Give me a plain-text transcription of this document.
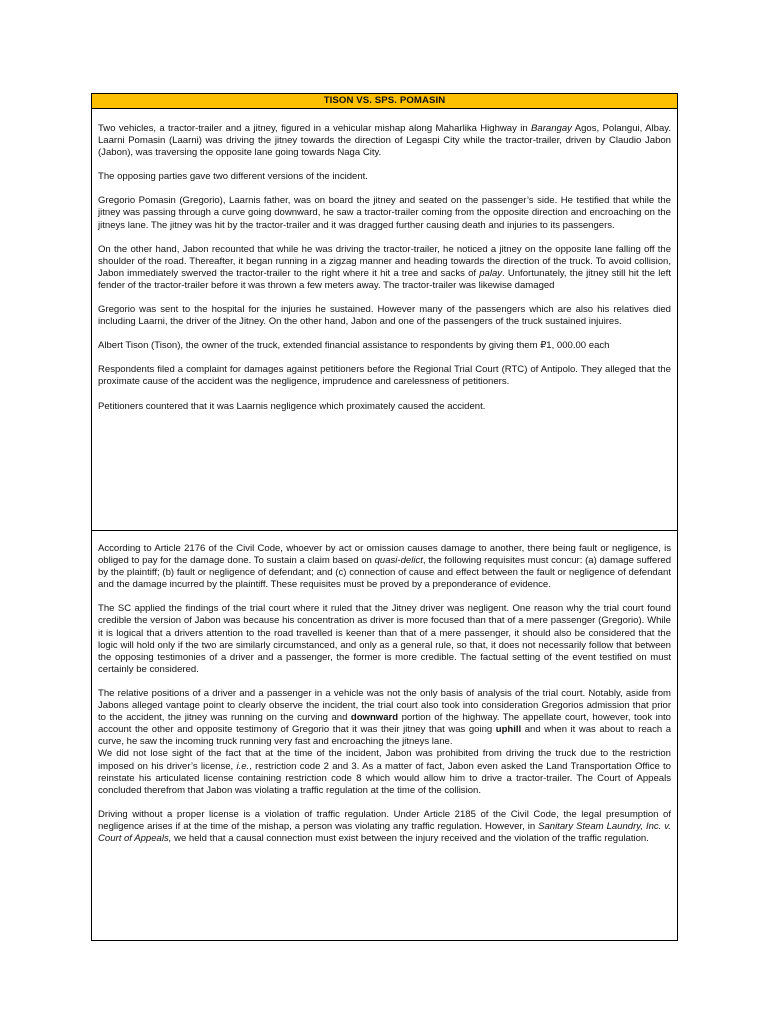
TISON VS. SPS. POMASIN

Two vehicles, a tractor-trailer and a jitney, figured in a vehicular mishap along Maharlika Highway in Barangay Agos, Polangui, Albay. Laarni Pomasin (Laarni) was driving the jitney towards the direction of Legaspi City while the tractor-trailer, driven by Claudio Jabon (Jabon), was traversing the opposite lane going towards Naga City.

The opposing parties gave two different versions of the incident.

Gregorio Pomasin (Gregorio), Laarnis father, was on board the jitney and seated on the passenger’s side. He testified that while the jitney was passing through a curve going downward, he saw a tractor-trailer coming from the opposite direction and encroaching on the jitneys lane. The jitney was hit by the tractor-trailer and it was dragged further causing death and injuries to its passengers.

On the other hand, Jabon recounted that while he was driving the tractor-trailer, he noticed a jitney on the opposite lane falling off the shoulder of the road. Thereafter, it began running in a zigzag manner and heading towards the direction of the truck. To avoid collision, Jabon immediately swerved the tractor-trailer to the right where it hit a tree and sacks of palay. Unfortunately, the jitney still hit the left fender of the tractor-trailer before it was thrown a few meters away. The tractor-trailer was likewise damaged

Gregorio was sent to the hospital for the injuries he sustained. However many of the passengers which are also his relatives died including Laarni, the driver of the Jitney. On the other hand, Jabon and one of the passengers of the truck sustained injuires.

Albert Tison (Tison), the owner of the truck, extended financial assistance to respondents by giving them ₽1, 000.00 each

Respondents filed a complaint for damages against petitioners before the Regional Trial Court (RTC) of Antipolo. They alleged that the proximate cause of the accident was the negligence, imprudence and carelessness of petitioners.

Petitioners countered that it was Laarnis negligence which proximately caused the accident.

According to Article 2176 of the Civil Code, whoever by act or omission causes damage to another, there being fault or negligence, is obliged to pay for the damage done. To sustain a claim based on quasi-delict, the following requisites must concur: (a) damage suffered by the plaintiff; (b) fault or negligence of defendant; and (c) connection of cause and effect between the fault or negligence of defendant and the damage incurred by the plaintiff. These requisites must be proved by a preponderance of evidence.

The SC applied the findings of the trial court where it ruled that the Jitney driver was negligent. One reason why the trial court found credible the version of Jabon was because his concentration as driver is more focused than that of a mere passenger (Gregorio). While it is logical that a drivers attention to the road travelled is keener than that of a mere passenger, it should also be considered that the logic will hold only if the two are similarly circumstanced, and only as a general rule, so that, it does not necessarily follow that between the opposing testimonies of a driver and a passenger, the former is more credible. The factual setting of the event testified on must certainly be considered.

The relative positions of a driver and a passenger in a vehicle was not the only basis of analysis of the trial court. Notably, aside from Jabons alleged vantage point to clearly observe the incident, the trial court also took into consideration Gregorios admission that prior to the accident, the jitney was running on the curving and downward portion of the highway. The appellate court, however, took into account the other and opposite testimony of Gregorio that it was their jitney that was going uphill and when it was about to reach a curve, he saw the incoming truck running very fast and encroaching the jitneys lane.

We did not lose sight of the fact that at the time of the incident, Jabon was prohibited from driving the truck due to the restriction imposed on his driver’s license, i.e., restriction code 2 and 3. As a matter of fact, Jabon even asked the Land Transportation Office to reinstate his articulated license containing restriction code 8 which would allow him to drive a tractor-trailer. The Court of Appeals concluded therefrom that Jabon was violating a traffic regulation at the time of the collision.

Driving without a proper license is a violation of traffic regulation. Under Article 2185 of the Civil Code, the legal presumption of negligence arises if at the time of the mishap, a person was violating any traffic regulation. However, in Sanitary Steam Laundry, Inc. v. Court of Appeals, we held that a causal connection must exist between the injury received and the violation of the traffic regulation.
